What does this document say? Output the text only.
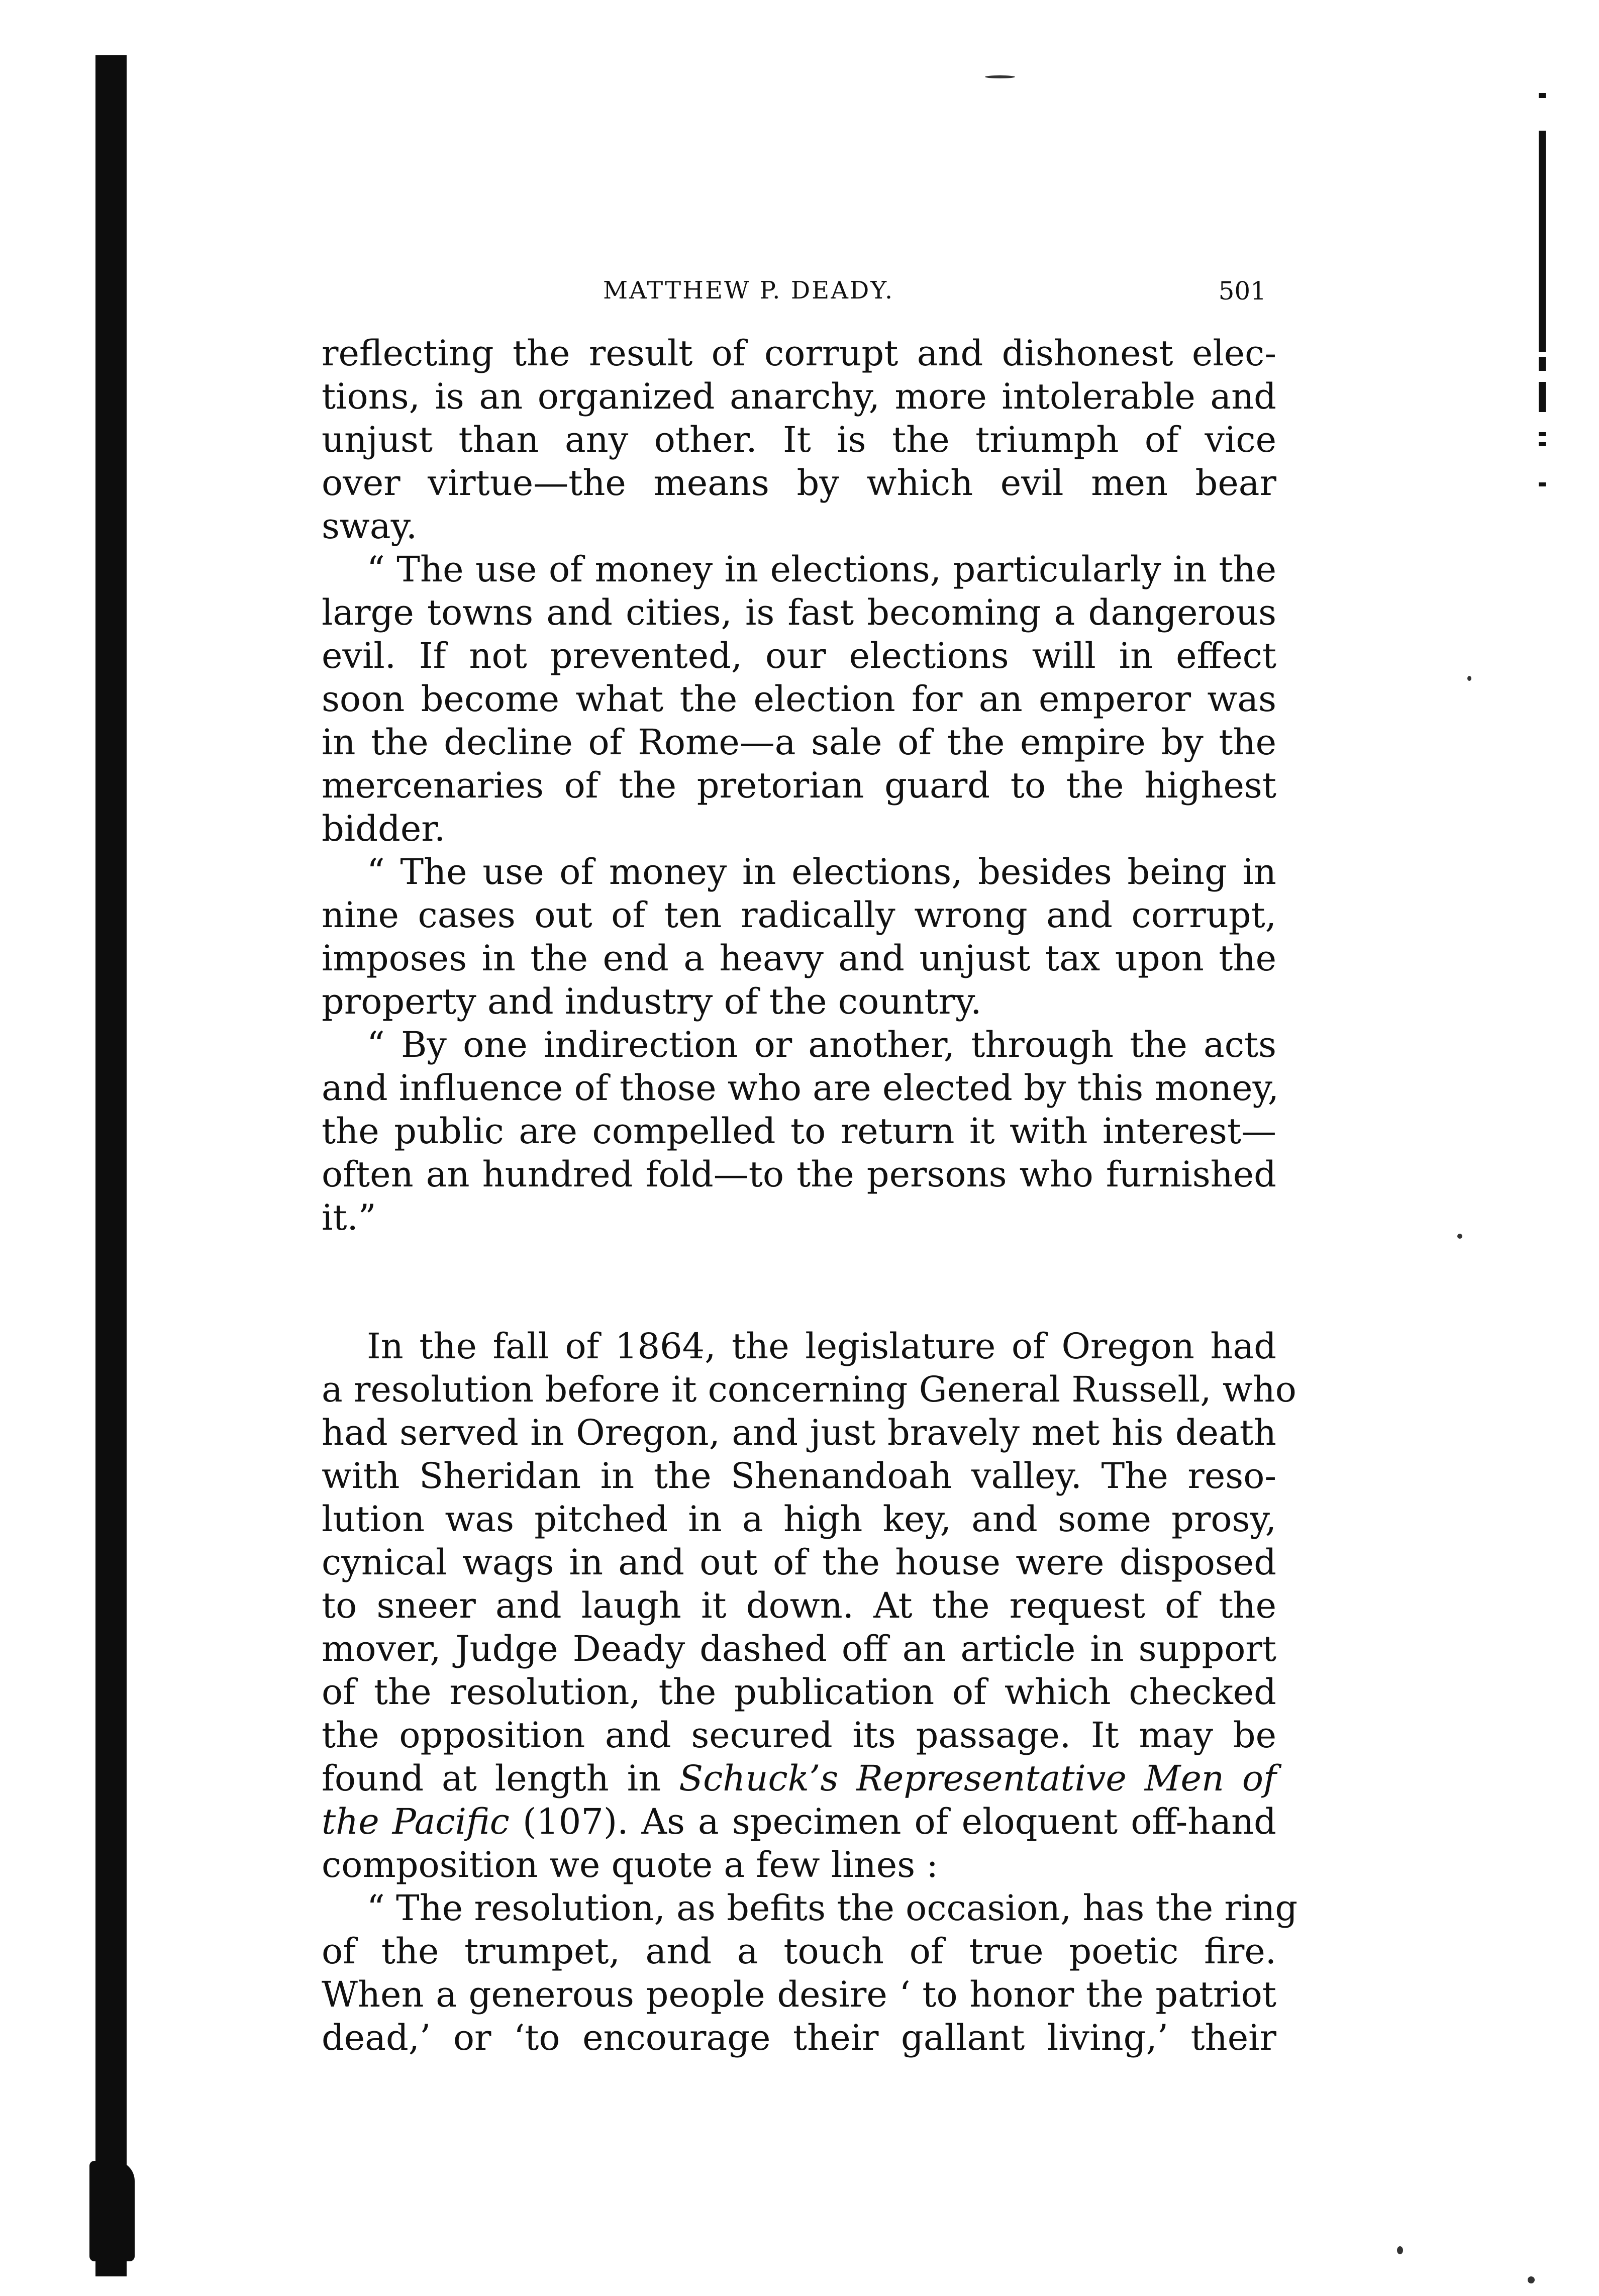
MATTHEW P. DEADY.	501
reflecting the result of corrupt and dishonest elec-
tions, is an organized anarchy, more intolerable and
unjust than any other. It is the triumph of vice
over virtue—the means by which evil men bear
sway.
“ The use of money in elections, particularly in the
large towns and cities, is fast becoming a dangerous
evil. If not prevented, our elections will in effect
soon become what the election for an emperor was
in the decline of Rome—a sale of the empire by the
mercenaries of the pretorian guard to the highest
bidder.
“ The use of money in elections, besides being in
nine cases out of ten radically wrong and corrupt,
imposes in the end a heavy and unjust tax upon the
property and industry of the country.
“ By one indirection or another, through the acts
and influence of those who are elected by this money,
the public are compelled to return it with interest—
often an hundred fold—to the persons who furnished
it.”
In the fall of 1864, the legislature of Oregon had
a resolution before it concerning General Russell, who
had served in Oregon, and just bravely met his death
with Sheridan in the Shenandoah valley. The reso-
lution was pitched in a high key, and some prosy,
cynical wags in and out of the house were disposed
to sneer and laugh it down. At the request of the
mover, Judge Deady dashed off an article in support
of the resolution, the publication of which checked
the opposition and secured its passage. It may be
found at length in Schuck’s Representative Men of
the Pacific (107). As a specimen of eloquent off-hand
composition we quote a few lines :
“ The resolution, as befits the occasion, has the ring
of the trumpet, and a touch of true poetic fire.
When a generous people desire ‘ to honor the patriot
dead,’ or ‘to encourage their gallant living,’ their
